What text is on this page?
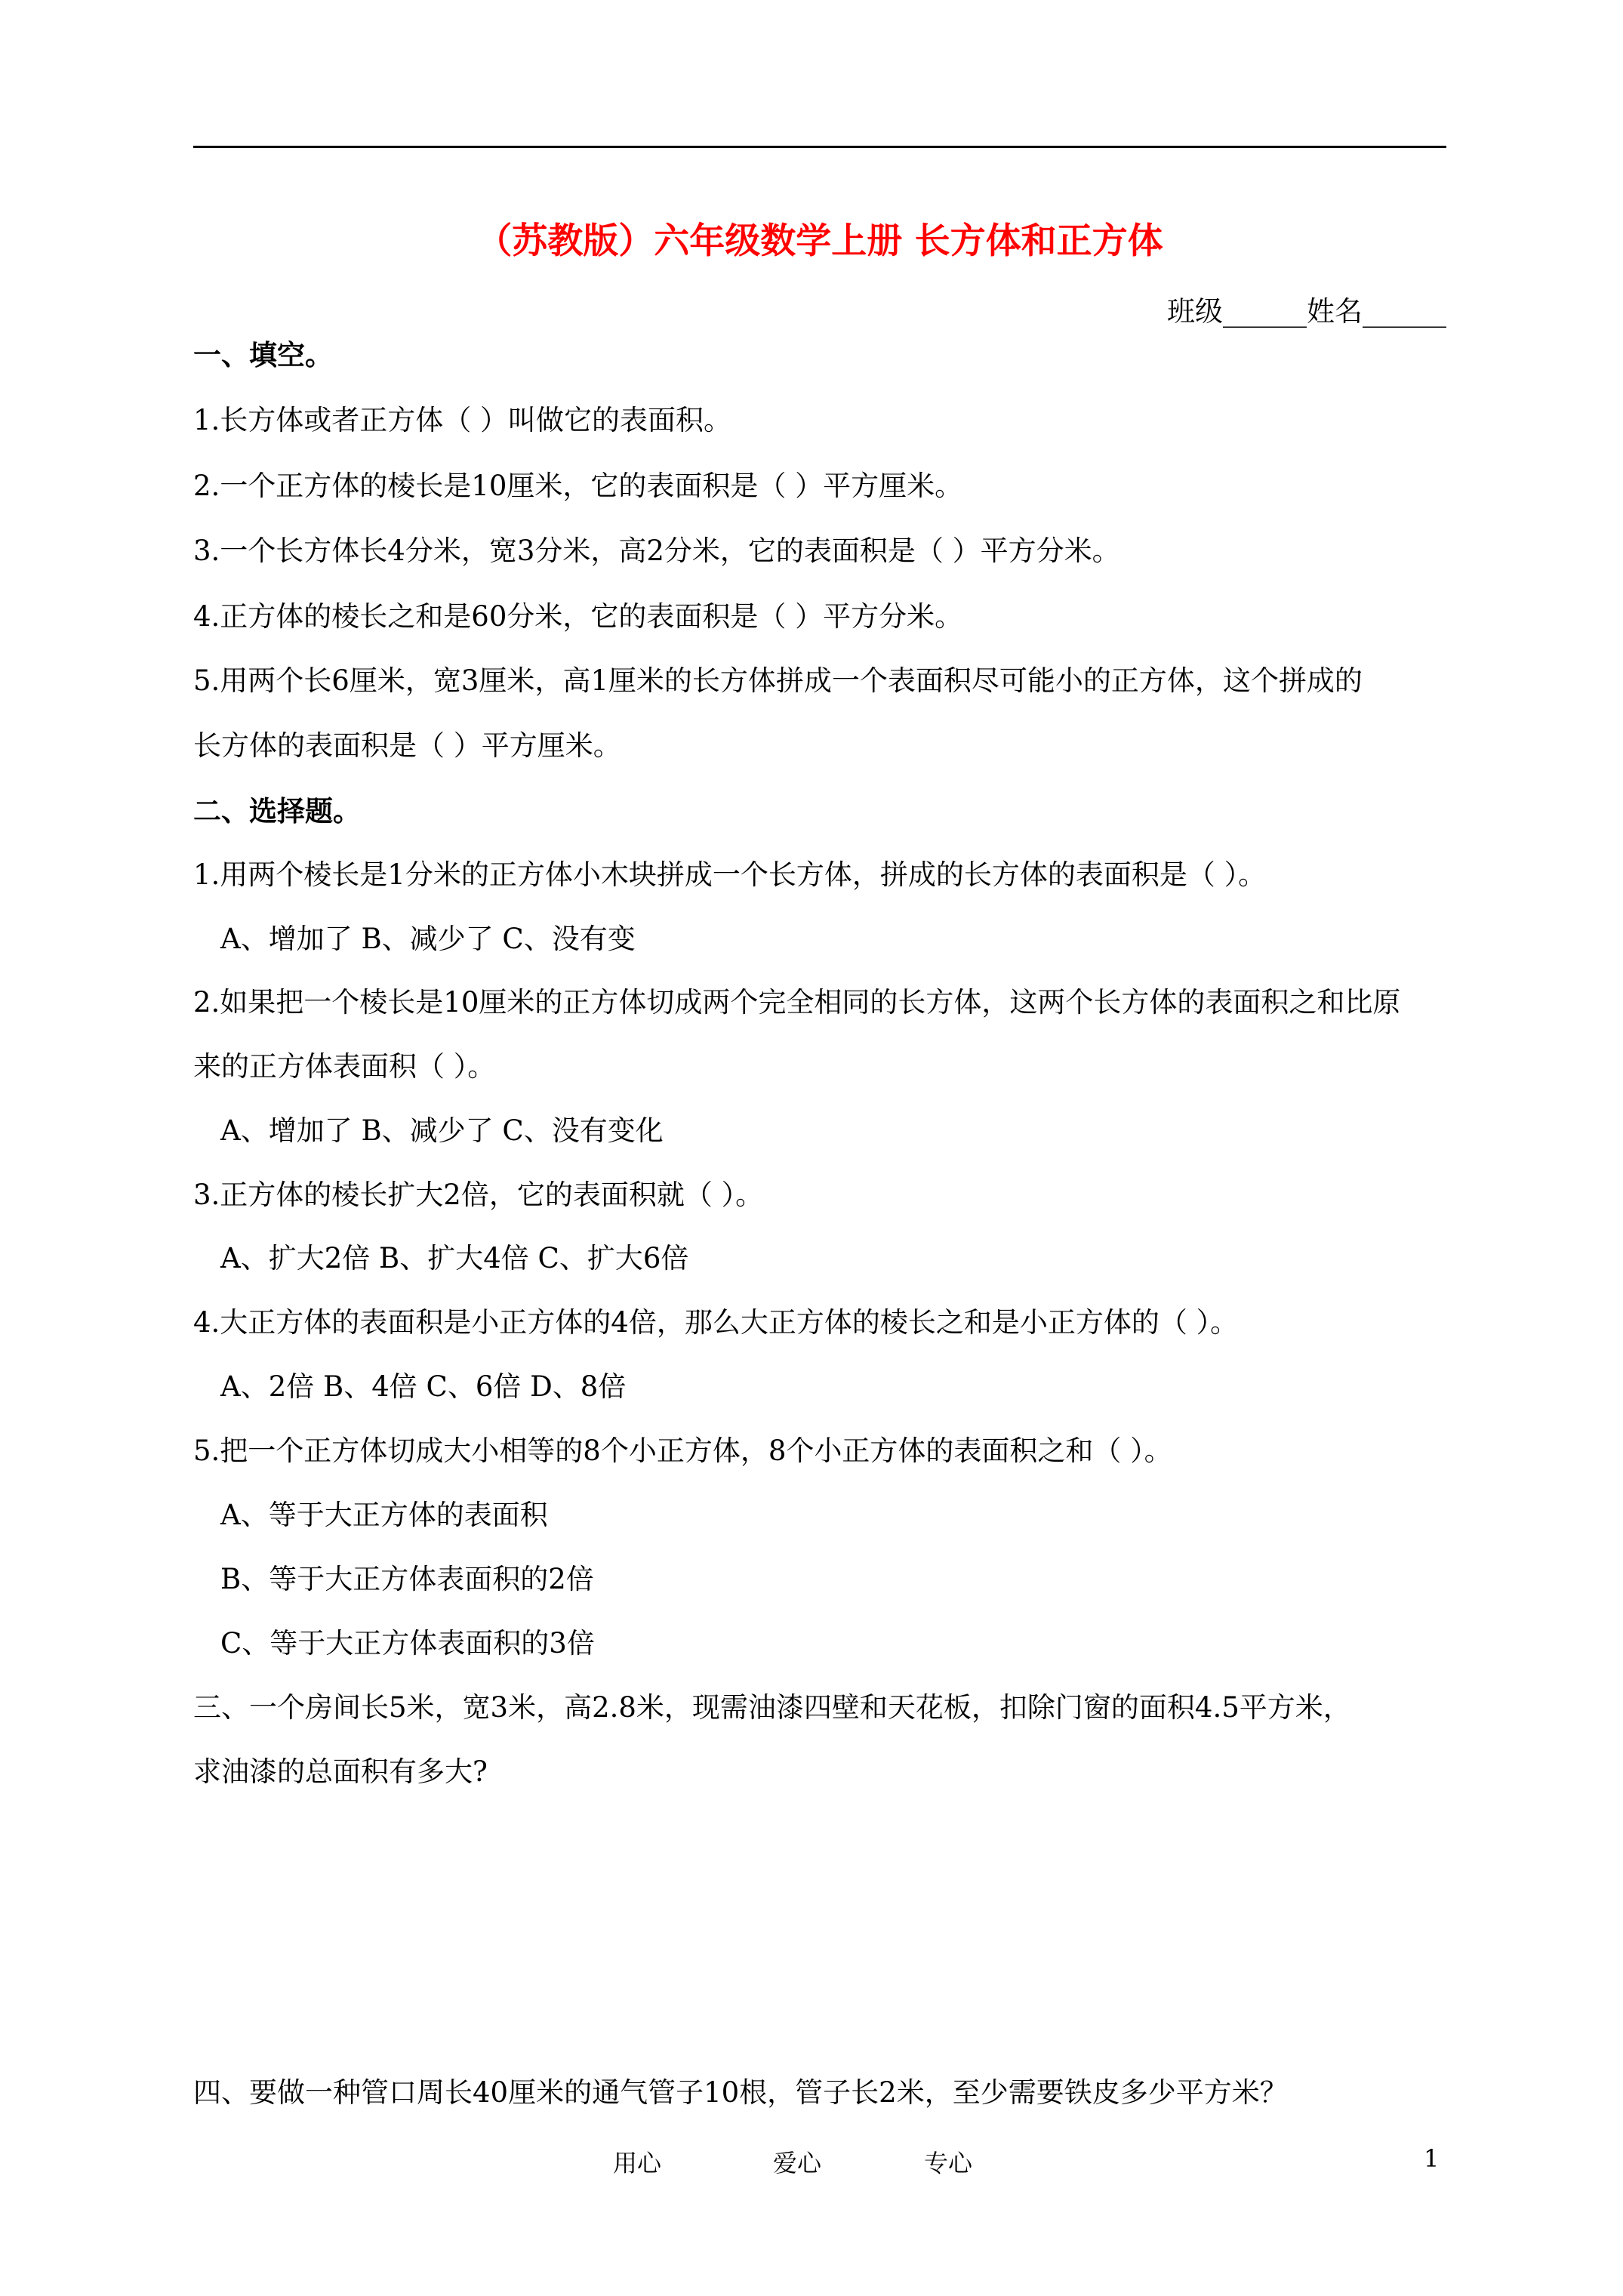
（苏教版）六年级数学上册 长方体和正方体
班级______姓名______
一、填空。
1.长方体或者正方体（ ）叫做它的表面积。
2.一个正方体的棱长是10厘米，它的表面积是（ ）平方厘米。
3.一个长方体长4分米，宽3分米，高2分米，它的表面积是（ ）平方分米。
4.正方体的棱长之和是60分米，它的表面积是（ ）平方分米。
5.用两个长6厘米，宽3厘米，高1厘米的长方体拼成一个表面积尽可能小的正方体，这个拼成的
长方体的表面积是（ ）平方厘米。
二、选择题。
1.用两个棱长是1分米的正方体小木块拼成一个长方体，拼成的长方体的表面积是（ ）。
A、增加了 B、减少了 C、没有变
2.如果把一个棱长是10厘米的正方体切成两个完全相同的长方体，这两个长方体的表面积之和比原
来的正方体表面积（ ）。
A、增加了 B、减少了 C、没有变化
3.正方体的棱长扩大2倍，它的表面积就（ ）。
A、扩大2倍 B、扩大4倍 C、扩大6倍
4.大正方体的表面积是小正方体的4倍，那么大正方体的棱长之和是小正方体的（ ）。
A、2倍 B、4倍 C、6倍 D、8倍
5.把一个正方体切成大小相等的8个小正方体，8个小正方体的表面积之和（ ）。
A、等于大正方体的表面积
B、等于大正方体表面积的2倍
C、等于大正方体表面积的3倍
三、一个房间长5米，宽3米，高2.8米，现需油漆四壁和天花板，扣除门窗的面积4.5平方米，
求油漆的总面积有多大?
四、要做一种管口周长40厘米的通气管子10根，管子长2米，至少需要铁皮多少平方米？
用心	爱心	专心	1
